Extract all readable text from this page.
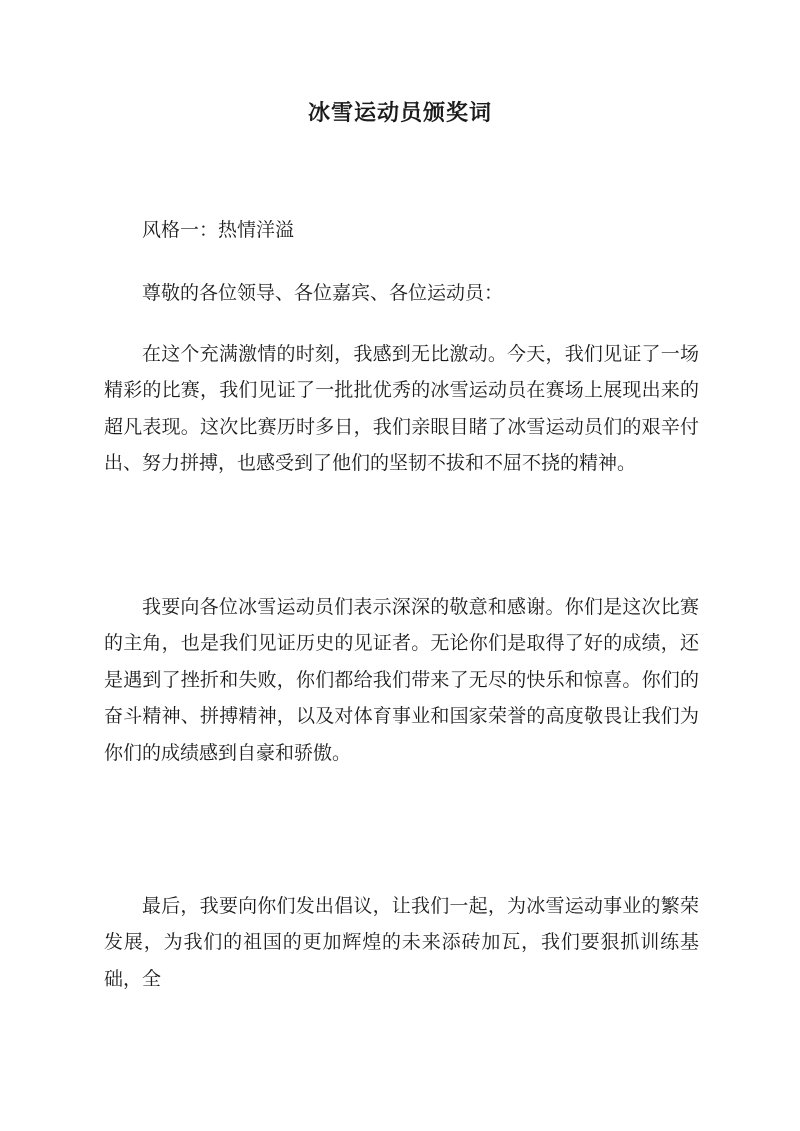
冰雪运动员颁奖词

风格一：热情洋溢

尊敬的各位领导、各位嘉宾、各位运动员：

在这个充满激情的时刻，我感到无比激动。今天，我们见证了一场精彩的比赛，我们见证了一批批优秀的冰雪运动员在赛场上展现出来的超凡表现。这次比赛历时多日，我们亲眼目睹了冰雪运动员们的艰辛付出、努力拼搏，也感受到了他们的坚韧不拔和不屈不挠的精神。

我要向各位冰雪运动员们表示深深的敬意和感谢。你们是这次比赛的主角，也是我们见证历史的见证者。无论你们是取得了好的成绩，还是遇到了挫折和失败，你们都给我们带来了无尽的快乐和惊喜。你们的奋斗精神、拼搏精神，以及对体育事业和国家荣誉的高度敬畏让我们为你们的成绩感到自豪和骄傲。

最后，我要向你们发出倡议，让我们一起，为冰雪运动事业的繁荣发展，为我们的祖国的更加辉煌的未来添砖加瓦，我们要狠抓训练基础，全
